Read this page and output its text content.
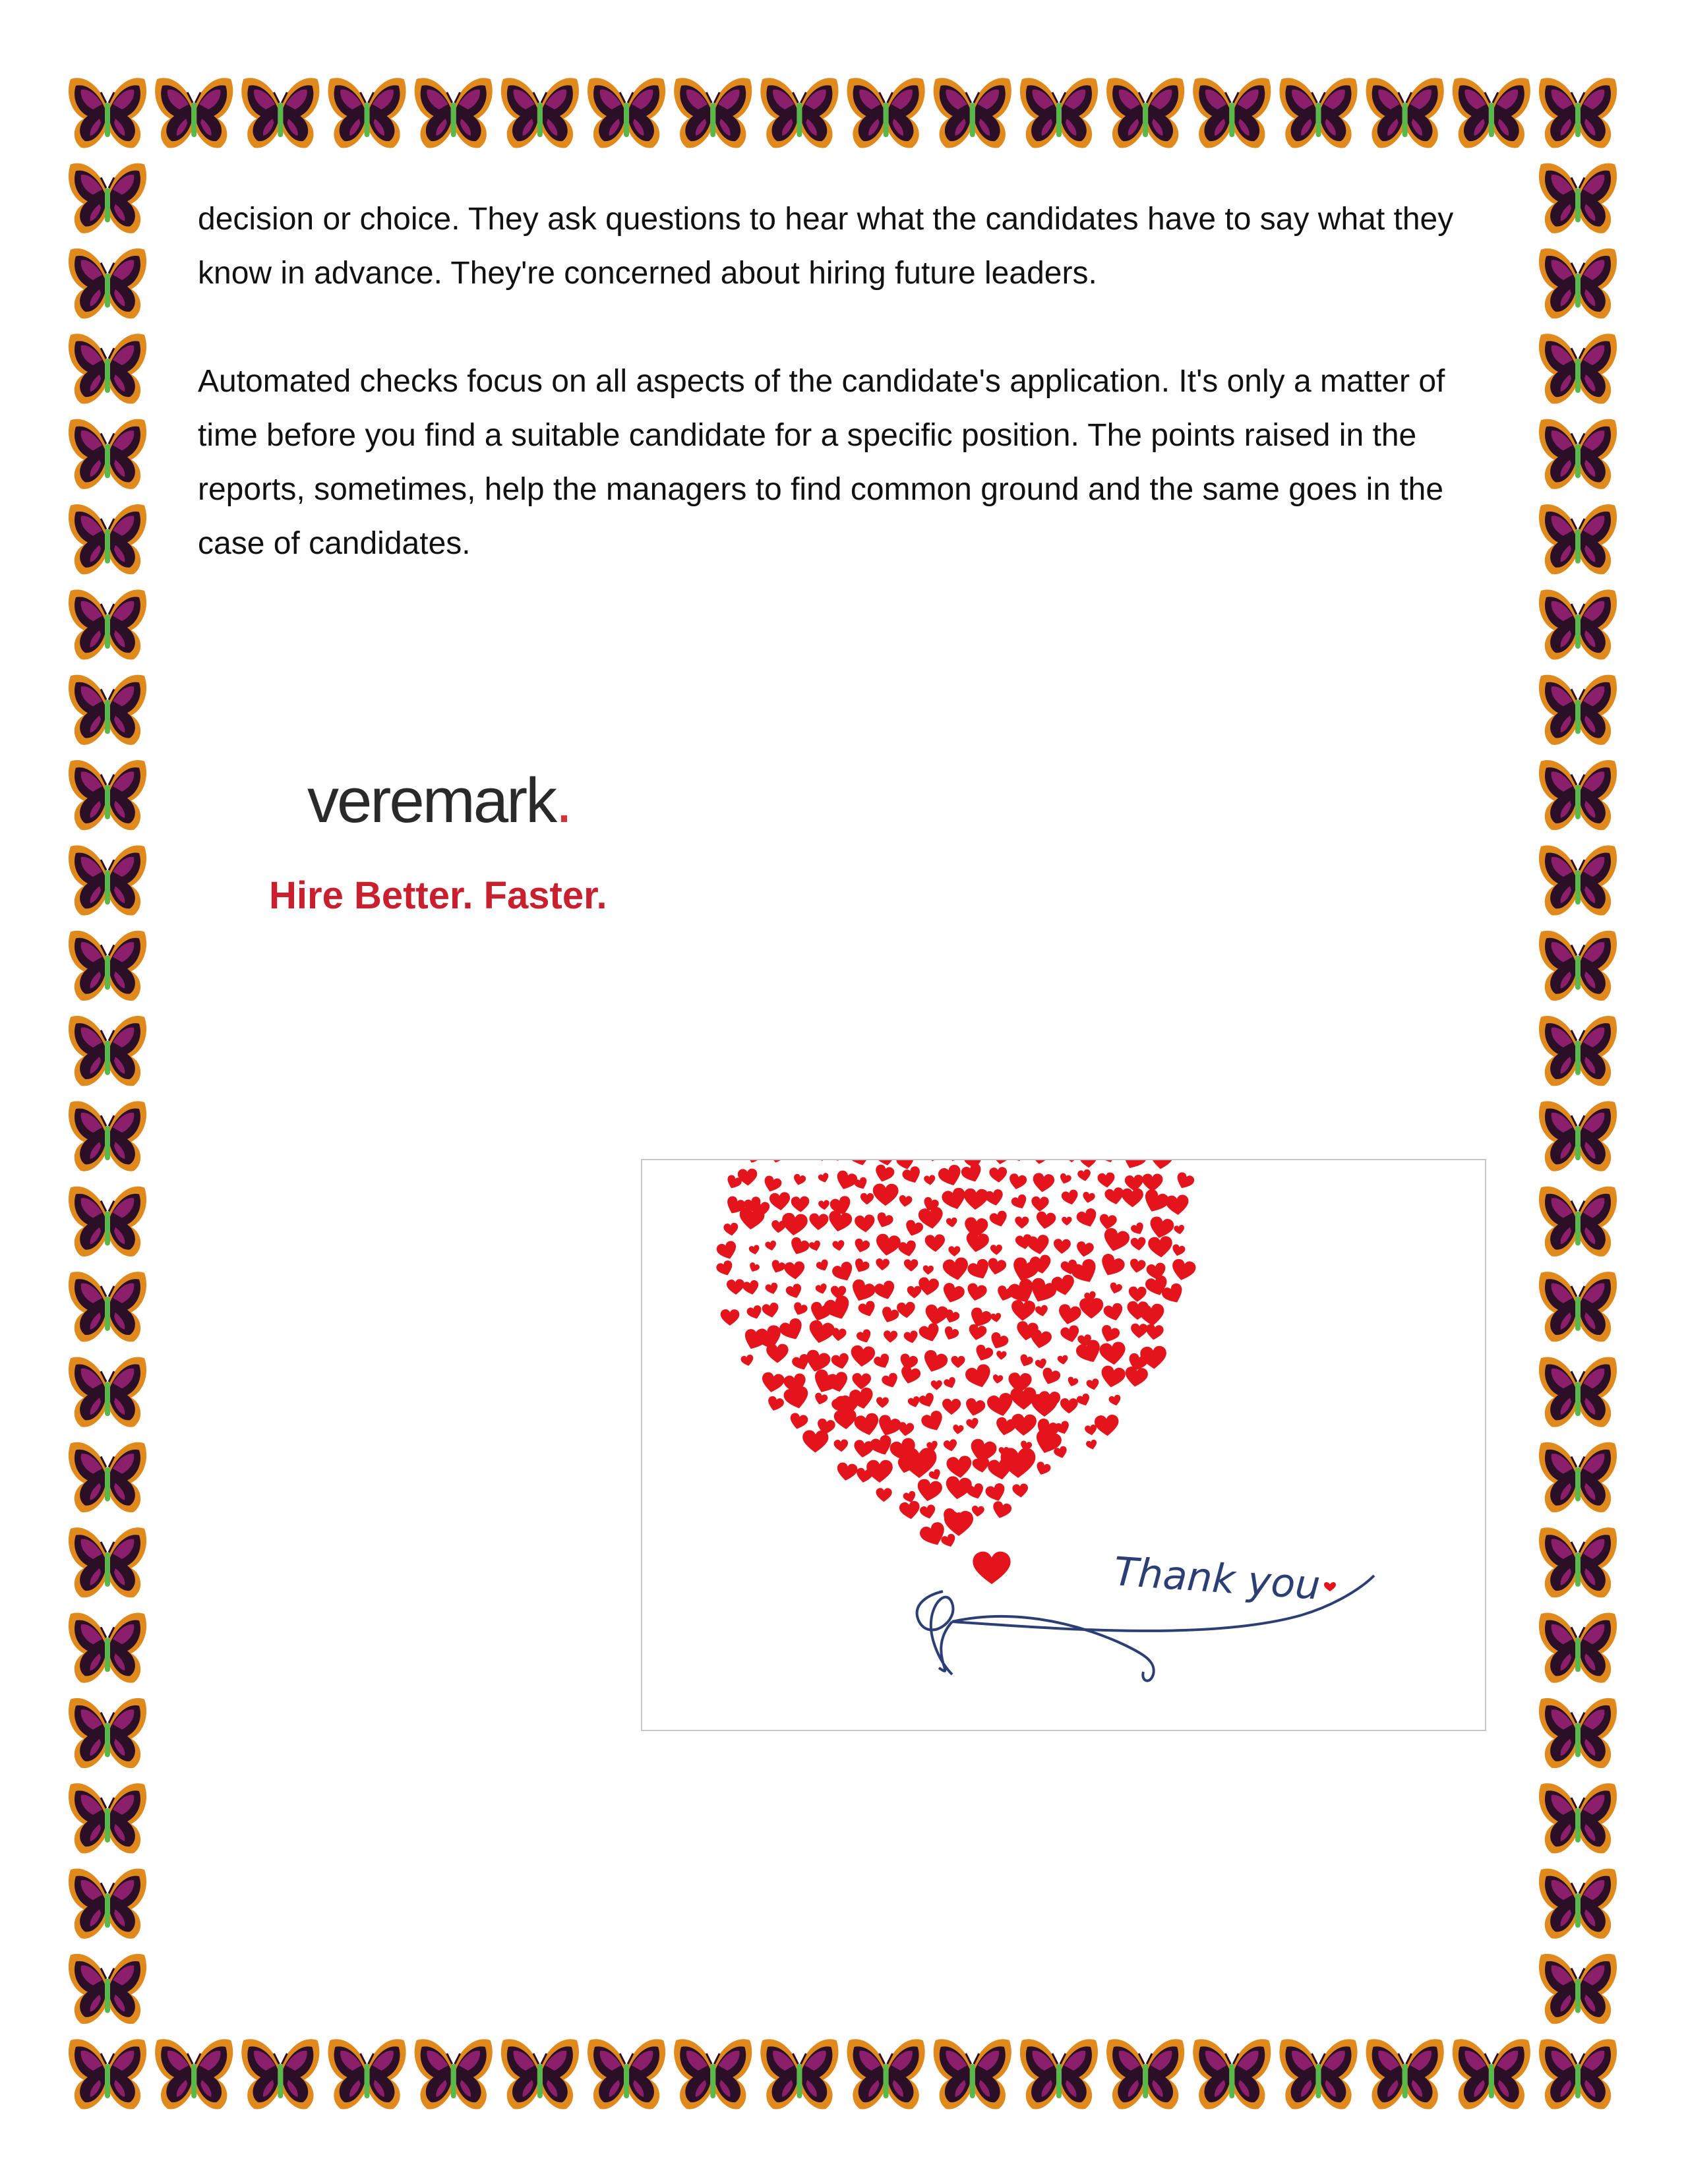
decision or choice. They ask questions to hear what the candidates have to say what they know in advance. They're concerned about hiring future leaders.

Automated checks focus on all aspects of the candidate's application. It's only a matter of time before you find a suitable candidate for a specific position. The points raised in the reports, sometimes, help the managers to find common ground and the same goes in the case of candidates.

veremark.
Hire Better. Faster.
Thank you
